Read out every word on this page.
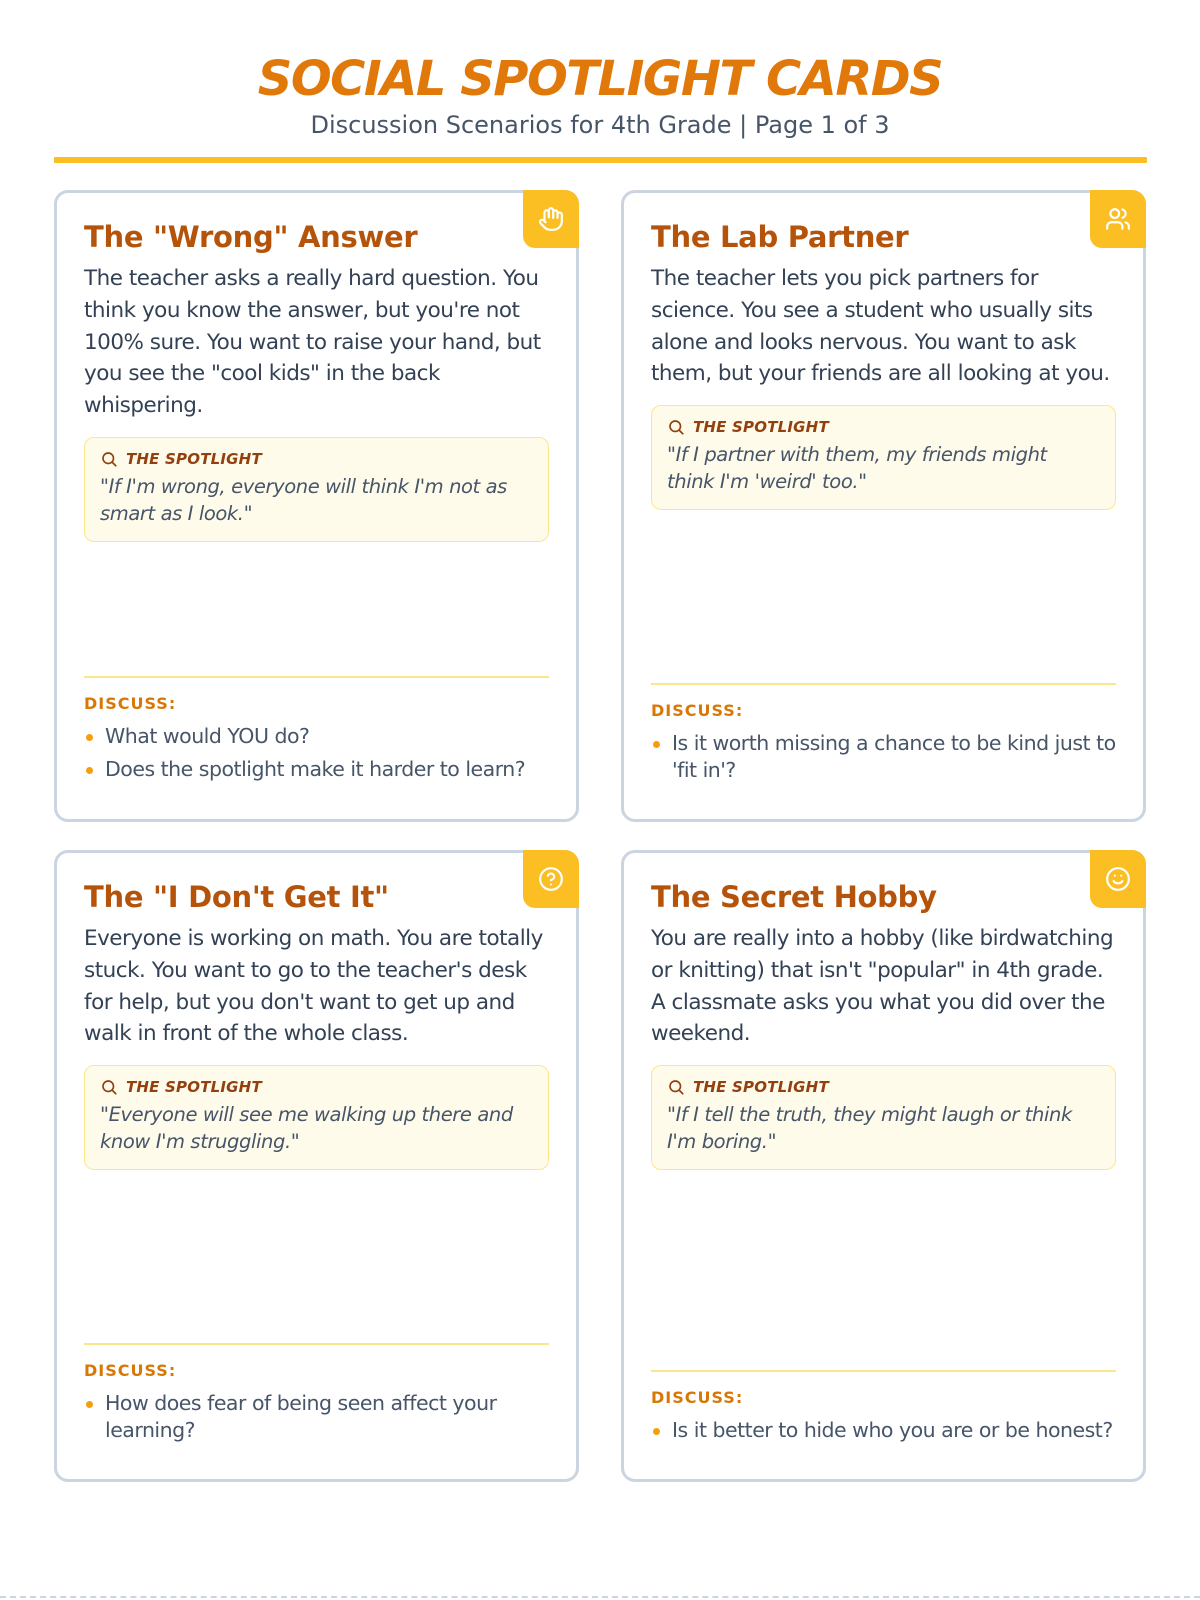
SOCIAL SPOTLIGHT CARDS
Discussion Scenarios for 4th Grade | Page 1 of 3
The "Wrong" Answer
The teacher asks a really hard question. You think you know the answer, but you're not 100% sure. You want to raise your hand, but you see the "cool kids" in the back whispering.
THE SPOTLIGHT
"If I'm wrong, everyone will think I'm not as smart as I look."
DISCUSS:
What would YOU do?
Does the spotlight make it harder to learn?
The Lab Partner
The teacher lets you pick partners for science. You see a student who usually sits alone and looks nervous. You want to ask them, but your friends are all looking at you.
THE SPOTLIGHT
"If I partner with them, my friends might think I'm 'weird' too."
DISCUSS:
Is it worth missing a chance to be kind just to 'fit in'?
The "I Don't Get It"
Everyone is working on math. You are totally stuck. You want to go to the teacher's desk for help, but you don't want to get up and walk in front of the whole class.
THE SPOTLIGHT
"Everyone will see me walking up there and know I'm struggling."
DISCUSS:
How does fear of being seen affect your learning?
The Secret Hobby
You are really into a hobby (like birdwatching or knitting) that isn't "popular" in 4th grade. A classmate asks you what you did over the weekend.
THE SPOTLIGHT
"If I tell the truth, they might laugh or think I'm boring."
DISCUSS:
Is it better to hide who you are or be honest?
